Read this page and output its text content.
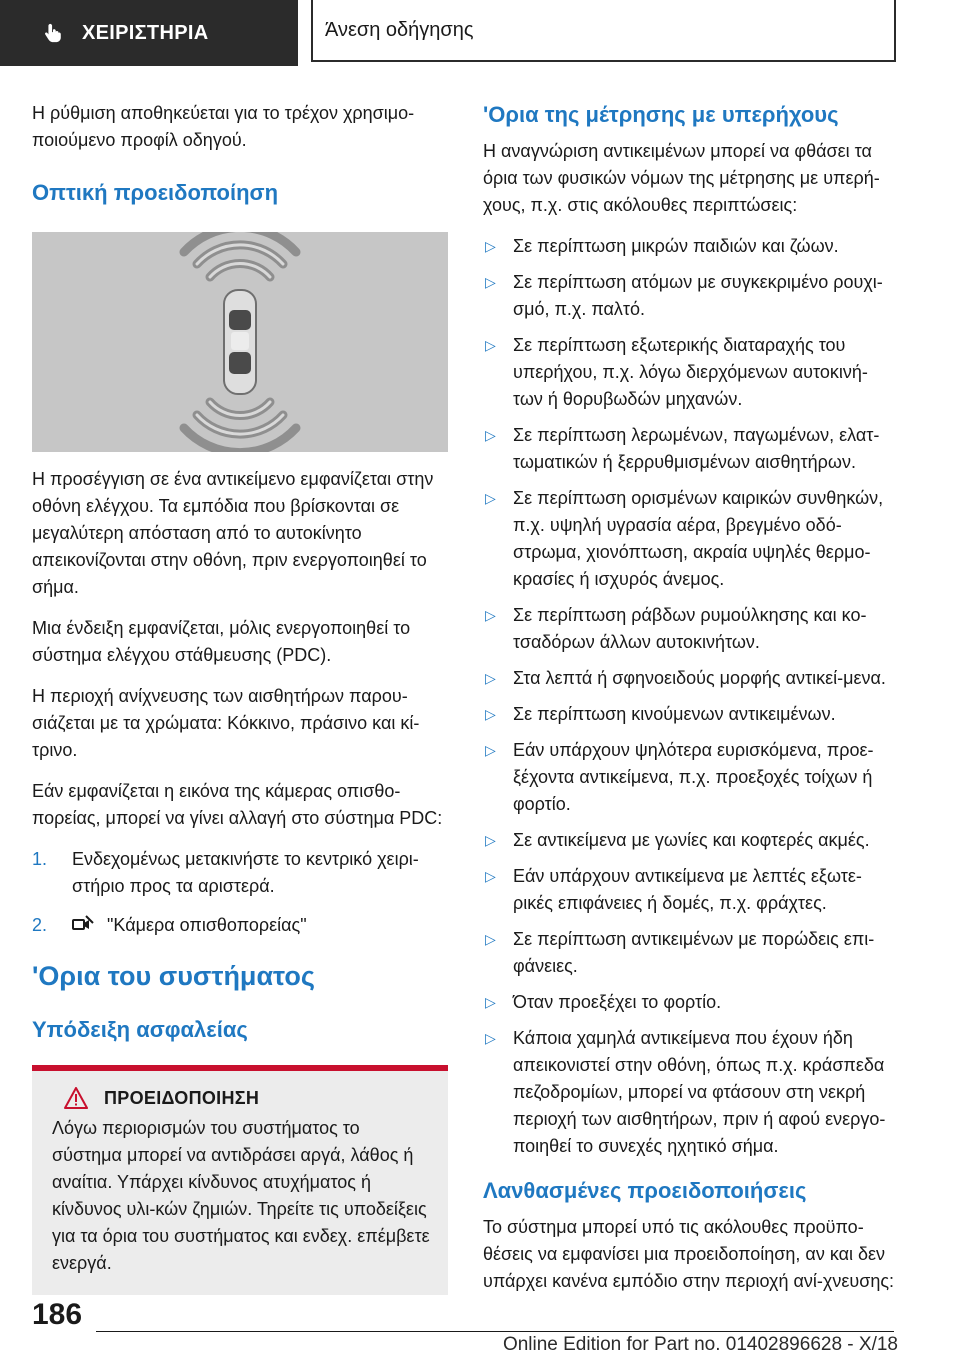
ΧΕΙΡΙΣΤΗΡΙΑ	Άνεση οδήγησης

Η ρύθμιση αποθηκεύεται για το τρέχον χρησιμο-ποιούμενο προφίλ οδηγού.

Οπτική προειδοποίηση

Η προσέγγιση σε ένα αντικείμενο εμφανίζεται στην οθόνη ελέγχου. Τα εμπόδια που βρίσκονται σε μεγαλύτερη απόσταση από το αυτοκίνητο απεικονίζονται στην οθόνη, πριν ενεργοποιηθεί το σήμα.

Μια ένδειξη εμφανίζεται, μόλις ενεργοποιηθεί το σύστημα ελέγχου στάθμευσης (PDC).

Η περιοχή ανίχνευσης των αισθητήρων παρου-σιάζεται με τα χρώματα: Κόκκινο, πράσινο και κί-τρινο.

Εάν εμφανίζεται η εικόνα της κάμερας οπισθο-πορείας, μπορεί να γίνει αλλαγή στο σύστημα PDC:

1. Ενδεχομένως μετακινήστε το κεντρικό χειρι-στήριο προς τα αριστερά.
2.	"Κάμερα οπισθοπορείας"
'Ορια του συστήματος
Υπόδειξη ασφαλείας
ΠΡΟΕΙΔΟΠΟΙΗΣΗ

Λόγω περιορισμών του συστήματος το σύστημα μπορεί να αντιδράσει αργά, λάθος ή αναίτια. Υπάρχει κίνδυνος ατυχήματος ή κίνδυνος υλι-κών ζημιών. Τηρείτε τις υποδείξεις για τα όρια του συστήματος και ενδεχ. επέμβετε ενεργά.

'Ορια της μέτρησης με υπερήχους

Η αναγνώριση αντικειμένων μπορεί να φθάσει τα όρια των φυσικών νόμων της μέτρησης με υπερή-χους, π.χ. στις ακόλουθες περιπτώσεις:

▷ Σε περίπτωση μικρών παιδιών και ζώων.
▷ Σε περίπτωση ατόμων με συγκεκριμένο ρουχι-σμό, π.χ. παλτό.
▷ Σε περίπτωση εξωτερικής διαταραχής του υπερήχου, π.χ. λόγω διερχόμενων αυτοκινή-των ή θορυβωδών μηχανών.
▷ Σε περίπτωση λερωμένων, παγωμένων, ελατ-τωματικών ή ξερρυθμισμένων αισθητήρων.
▷ Σε περίπτωση ορισμένων καιρικών συνθηκών, π.χ. υψηλή υγρασία αέρα, βρεγμένο οδό-στρωμα, χιονόπτωση, ακραία υψηλές θερμο-κρασίες ή ισχυρός άνεμος.
▷ Σε περίπτωση ράβδων ρυμούλκησης και κο-τσαδόρων άλλων αυτοκινήτων.
▷ Στα λεπτά ή σφηνοειδούς μορφής αντικεί-μενα.
▷ Σε περίπτωση κινούμενων αντικειμένων.
▷ Εάν υπάρχουν ψηλότερα ευρισκόμενα, προε-ξέχοντα αντικείμενα, π.χ. προεξοχές τοίχων ή φορτίο.
▷ Σε αντικείμενα με γωνίες και κοφτερές ακμές.
▷ Εάν υπάρχουν αντικείμενα με λεπτές εξωτε-ρικές επιφάνειες ή δομές, π.χ. φράχτες.
▷ Σε περίπτωση αντικειμένων με πορώδεις επι-φάνειες.
▷ Όταν προεξέχει το φορτίο.
▷ Κάποια χαμηλά αντικείμενα που έχουν ήδη απεικονιστεί στην οθόνη, όπως π.χ. κράσπεδα πεζοδρομίων, μπορεί να φτάσουν στη νεκρή περιοχή των αισθητήρων, πριν ή αφού ενεργο-ποιηθεί το συνεχές ηχητικό σήμα.
Λανθασμένες προειδοποιήσεις

Το σύστημα μπορεί υπό τις ακόλουθες προϋπο-θέσεις να εμφανίσει μια προειδοποίηση, αν και δεν υπάρχει κανένα εμπόδιο στην περιοχή ανί-χνευσης:

186
Online Edition for Part no. 01402896628 - X/18
